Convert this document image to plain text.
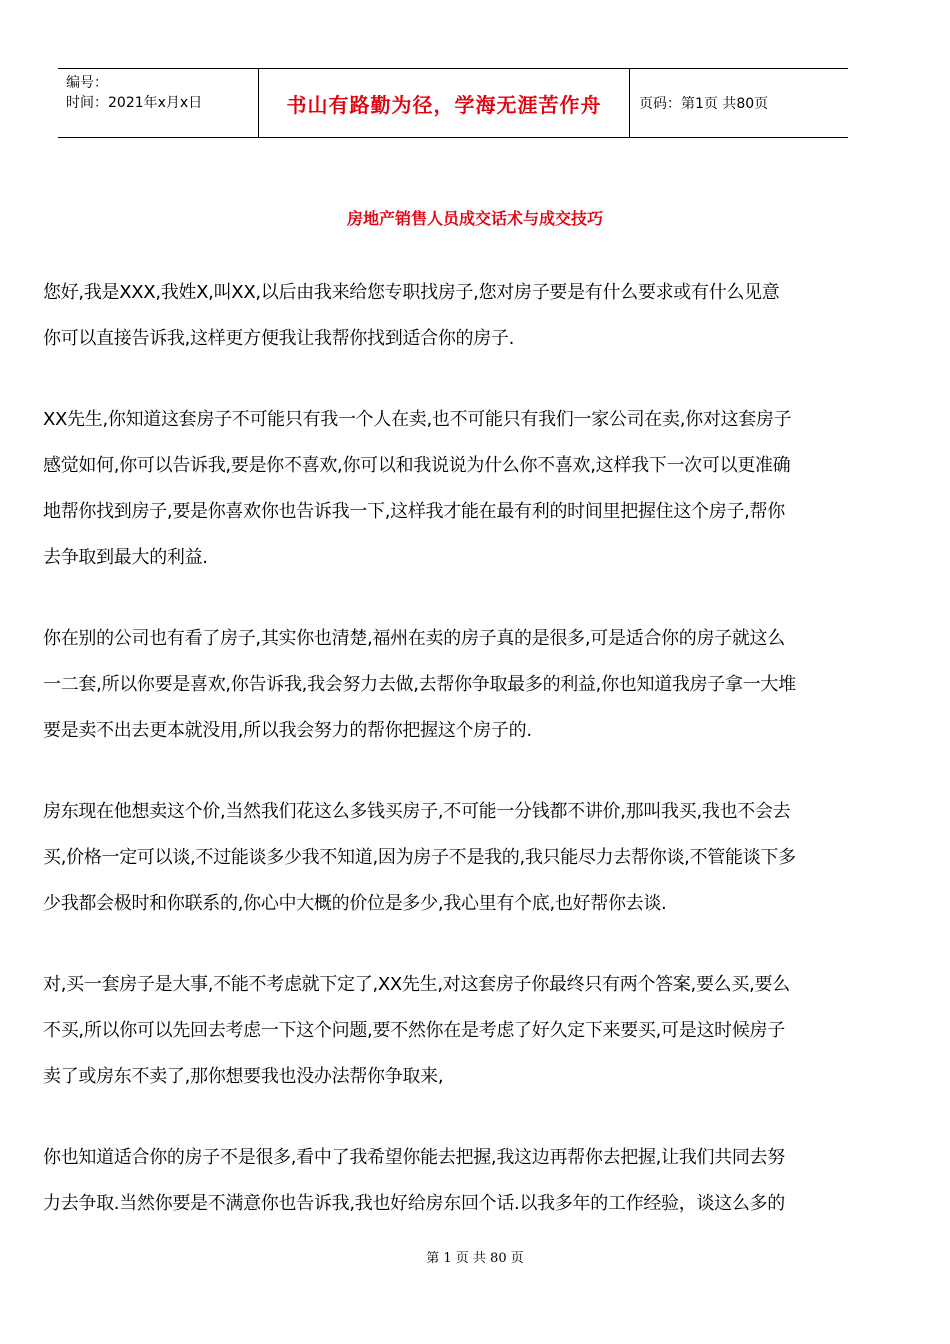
编号：
时间：2021年x月x日	书山有路勤为径，学海无涯苦作舟	页码：第1页 共80页
房地产销售人员成交话术与成交技巧
您好,我是XXX,我姓X,叫XX,以后由我来给您专职找房子,您对房子要是有什么要求或有什么见意
你可以直接告诉我,这样更方便我让我帮你找到适合你的房子.
XX先生,你知道这套房子不可能只有我一个人在卖,也不可能只有我们一家公司在卖,你对这套房子
感觉如何,你可以告诉我,要是你不喜欢,你可以和我说说为什么你不喜欢,这样我下一次可以更准确
地帮你找到房子,要是你喜欢你也告诉我一下,这样我才能在最有利的时间里把握住这个房子,帮你
去争取到最大的利益.
你在别的公司也有看了房子,其实你也清楚,福州在卖的房子真的是很多,可是适合你的房子就这么
一二套,所以你要是喜欢,你告诉我,我会努力去做,去帮你争取最多的利益,你也知道我房子拿一大堆
要是卖不出去更本就没用,所以我会努力的帮你把握这个房子的.
房东现在他想卖这个价,当然我们花这么多钱买房子,不可能一分钱都不讲价,那叫我买,我也不会去
买,价格一定可以谈,不过能谈多少我不知道,因为房子不是我的,我只能尽力去帮你谈,不管能谈下多
少我都会极时和你联系的,你心中大概的价位是多少,我心里有个底,也好帮你去谈.
对,买一套房子是大事,不能不考虑就下定了,XX先生,对这套房子你最终只有两个答案,要么买,要么
不买,所以你可以先回去考虑一下这个问题,要不然你在是考虑了好久定下来要买,可是这时候房子
卖了或房东不卖了,那你想要我也没办法帮你争取来,
你也知道适合你的房子不是很多,看中了我希望你能去把握,我这边再帮你去把握,让我们共同去努
力去争取.当然你要是不满意你也告诉我,我也好给房东回个话.以我多年的工作经验，谈这么多的
第 1 页 共 80 页
